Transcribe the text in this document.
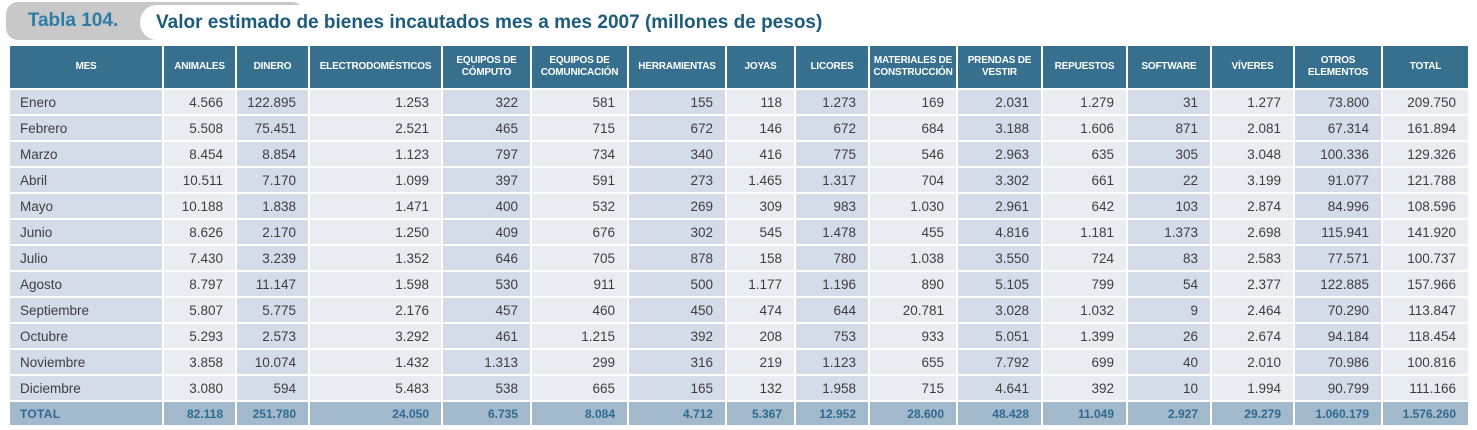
Tabla 104.	Valor estimado de bienes incautados mes a mes 2007 (millones de pesos)
MES	ANIMALES	DINERO	ELECTRODOMÉSTICOS	EQUIPOS DE CÓMPUTO	EQUIPOS DE COMUNICACIÓN	HERRAMIENTAS	JOYAS	LICORES	MATERIALES DE CONSTRUCCIÓN	PRENDAS DE VESTIR	REPUESTOS	SOFTWARE	VÍVERES	OTROS ELEMENTOS	TOTAL
Enero	4.566	122.895	1.253	322	581	155	118	1.273	169	2.031	1.279	31	1.277	73.800	209.750
Febrero	5.508	75.451	2.521	465	715	672	146	672	684	3.188	1.606	871	2.081	67.314	161.894
Marzo	8.454	8.854	1.123	797	734	340	416	775	546	2.963	635	305	3.048	100.336	129.326
Abril	10.511	7.170	1.099	397	591	273	1.465	1.317	704	3.302	661	22	3.199	91.077	121.788
Mayo	10.188	1.838	1.471	400	532	269	309	983	1.030	2.961	642	103	2.874	84.996	108.596
Junio	8.626	2.170	1.250	409	676	302	545	1.478	455	4.816	1.181	1.373	2.698	115.941	141.920
Julio	7.430	3.239	1.352	646	705	878	158	780	1.038	3.550	724	83	2.583	77.571	100.737
Agosto	8.797	11.147	1.598	530	911	500	1.177	1.196	890	5.105	799	54	2.377	122.885	157.966
Septiembre	5.807	5.775	2.176	457	460	450	474	644	20.781	3.028	1.032	9	2.464	70.290	113.847
Octubre	5.293	2.573	3.292	461	1.215	392	208	753	933	5.051	1.399	26	2.674	94.184	118.454
Noviembre	3.858	10.074	1.432	1.313	299	316	219	1.123	655	7.792	699	40	2.010	70.986	100.816
Diciembre	3.080	594	5.483	538	665	165	132	1.958	715	4.641	392	10	1.994	90.799	111.166
TOTAL	82.118	251.780	24.050	6.735	8.084	4.712	5.367	12.952	28.600	48.428	11.049	2.927	29.279	1.060.179	1.576.260
